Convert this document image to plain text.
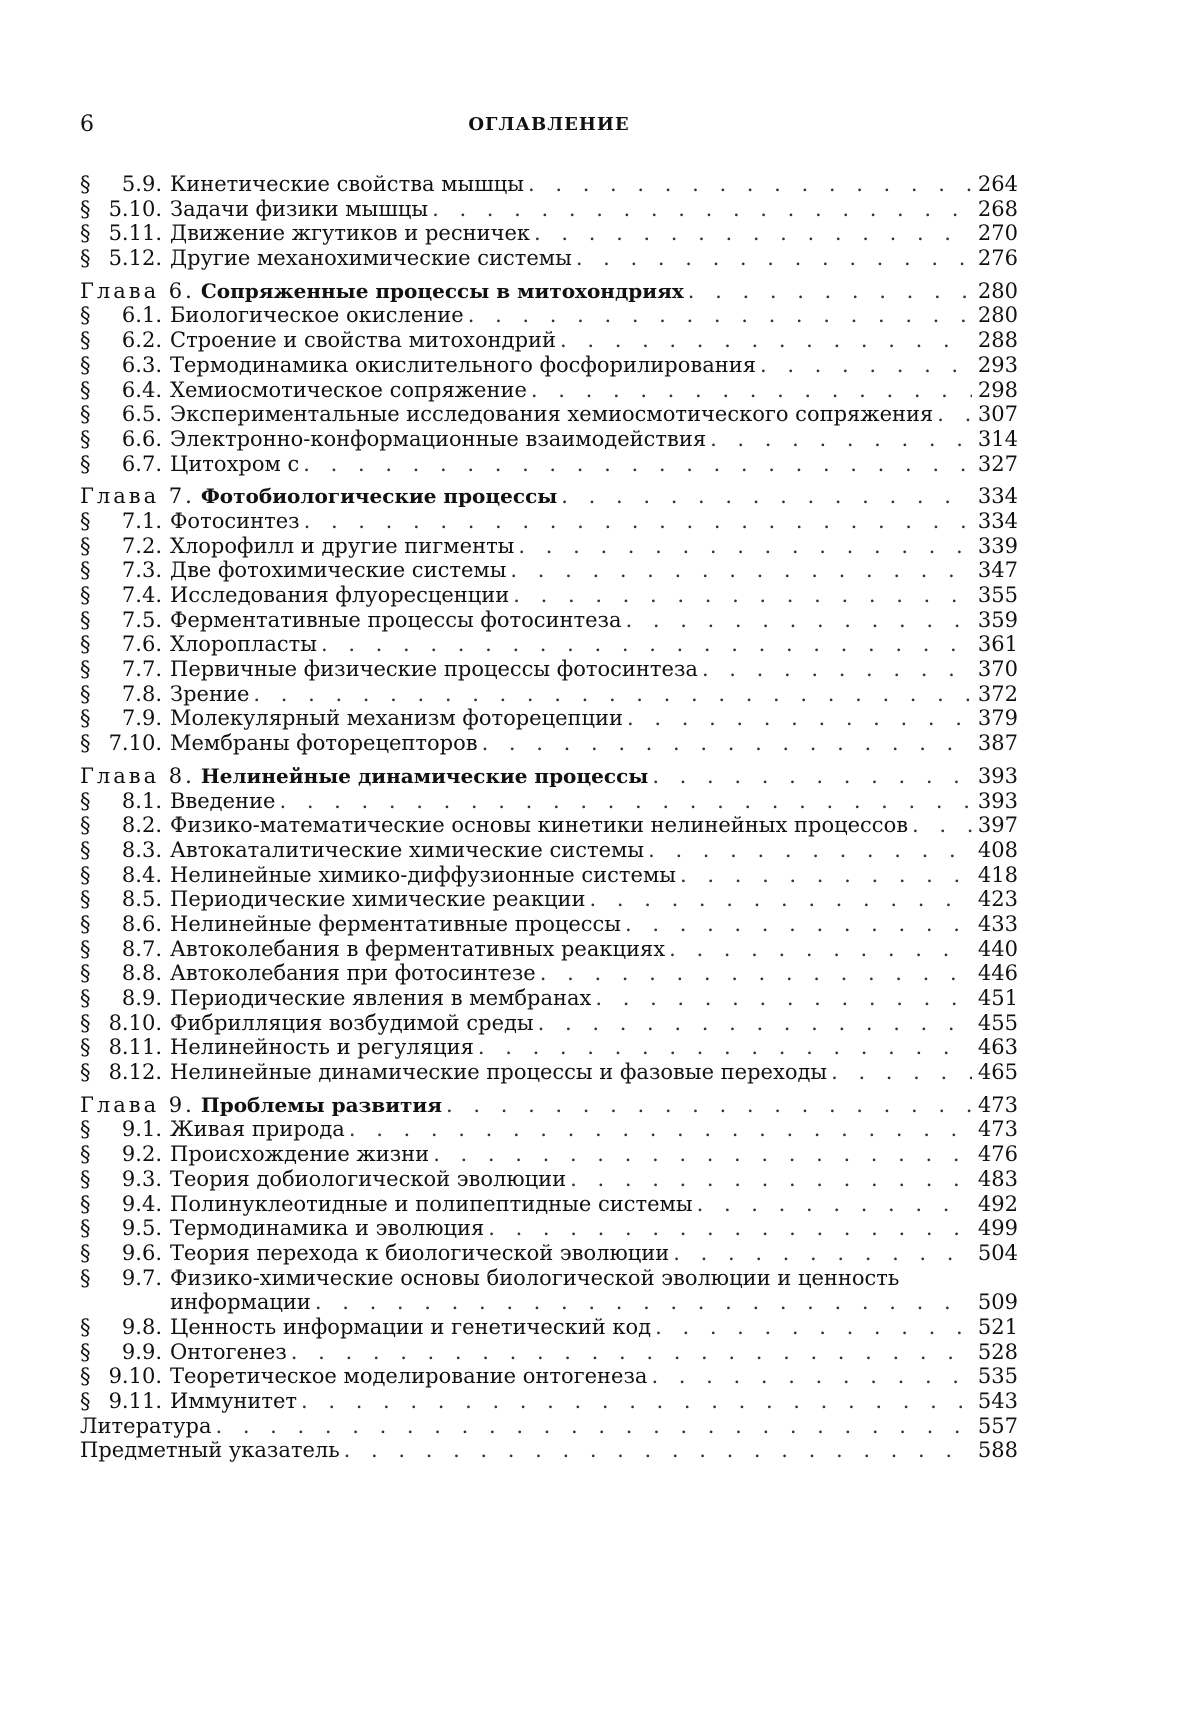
6	ОГЛАВЛЕНИЕ
§	5.9. Кинетические свойства мышцы . . .	264
§ 5.10. Задачи физики мышцы . . .	268
§ 5.11. Движение жгутиков и ресничек . . .	270
§ 5.12. Другие механохимические системы . . .	276
Глава 6. Сопряженные процессы в митохондриях . . .	280
§	6.1. Биологическое окисление . . .	280
§	6.2. Строение и свойства митохондрий . . .	288
§	6.3. Термодинамика окислительного фосфорилирования . . .	293
§	6.4. Хемиосмотическое сопряжение . . .	298
§	6.5. Экспериментальные исследования хемиосмотического сопряжения . . . 307
§	6.6. Электронно-конформационные взаимодействия . . .	314
§	6.7. Цитохром с . . .	327
Глава 7. Фотобиологические процессы . . .	334
§	7.1. Фотосинтез . . .	334
§	7.2. Хлорофилл и другие пигменты . . .	339
§	7.3. Две фотохимические системы . . .	347
§	7.4. Исследования флуоресценции . . .	355
§	7.5. Ферментативные процессы фотосинтеза . . .	359
§	7.6. Хлоропласты . . .	361
§	7.7. Первичные физические процессы фотосинтеза . . .	370
§	7.8. Зрение . . .	372
§	7.9. Молекулярный механизм фоторецепции . . .	379
§ 7.10. Мембраны фоторецепторов . . .	387
Глава 8. Нелинейные динамические процессы . . .	393
§	8.1. Введение . . .	393
§	8.2. Физико-математические основы кинетики нелинейных процессов . . .	397
§	8.3. Автокаталитические химические системы . . .	408
§	8.4. Нелинейные химико-диффузионные системы . . .	418
§	8.5. Периодические химические реакции . . .	423
§	8.6. Нелинейные ферментативные процессы . . .	433
§	8.7. Автоколебания в ферментативных реакциях . . .	440
§	8.8. Автоколебания при фотосинтезе . . .	446
§	8.9. Периодические явления в мембранах . . .	451
§ 8.10. Фибрилляция возбудимой среды . . .	455
§ 8.11. Нелинейность и регуляция . . .	463
§ 8.12. Нелинейные динамические процессы и фазовые переходы . . .	465
Глава 9. Проблемы развития . . .	473
§	9.1. Живая природа . . .	473
§	9.2. Происхождение жизни . . .	476
§	9.3. Теория добиологической эволюции . . .	483
§	9.4. Полинуклеотидные и полипептидные системы . . .	492
§	9.5. Термодинамика и эволюция . . .	499
§	9.6. Теория перехода к биологической эволюции . . .	504
§	9.7. Физико-химические основы биологической эволюции и ценность
информации . . .	509
§	9.8. Ценность информации и генетический код . . .	521
§	9.9. Онтогенез . . .	528
§ 9.10. Теоретическое моделирование онтогенеза . . .	535
§ 9.11. Иммунитет . . .	543
Литература . . .	557
Предметный указатель . . .	588
